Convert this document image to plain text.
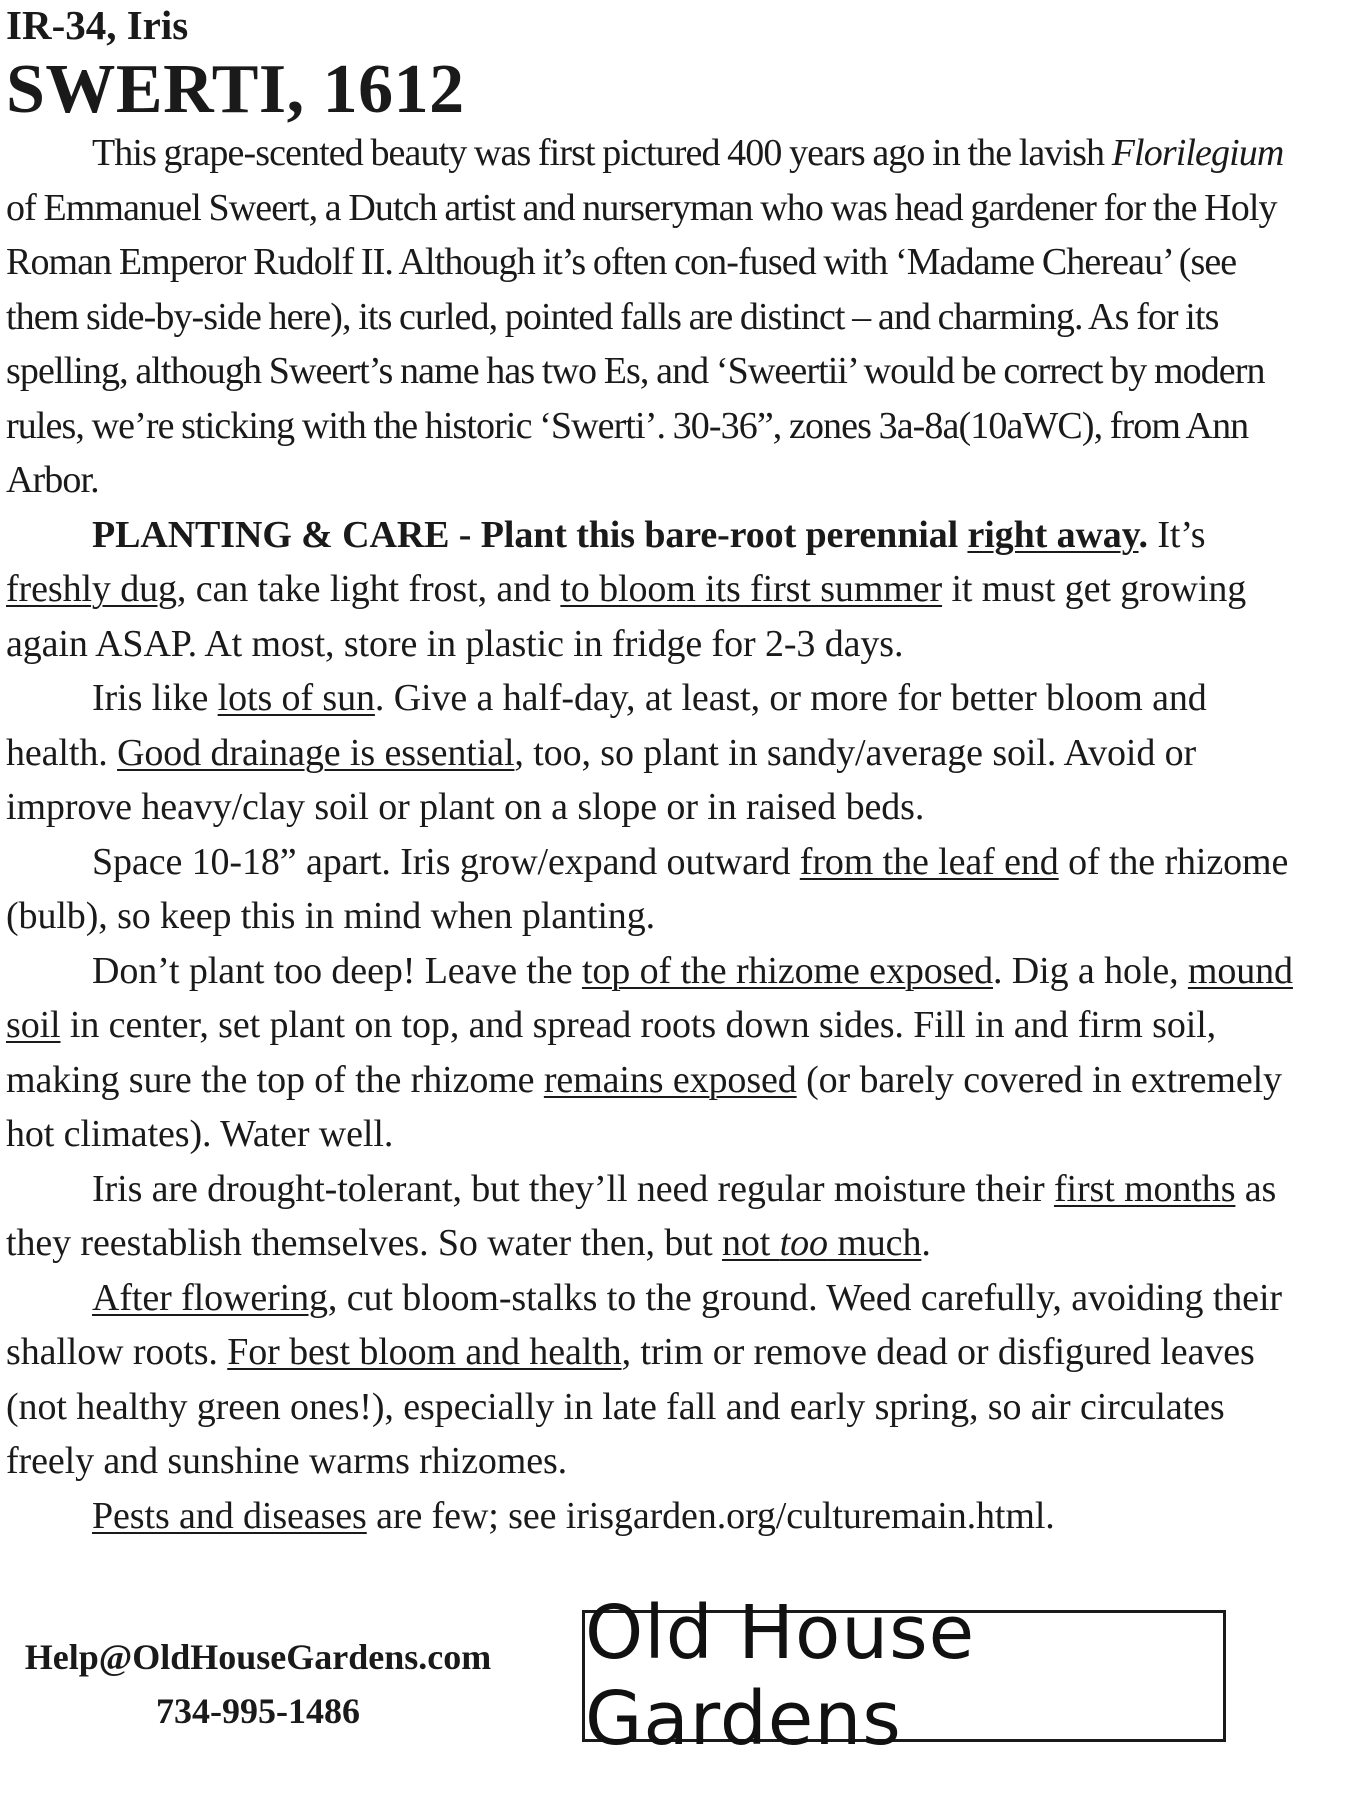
IR-34, Iris

SWERTI, 1612

This grape-scented beauty was first pictured 400 years ago in the lavish Florilegium of Emmanuel Sweert, a Dutch artist and nurseryman who was head gardener for the Holy Roman Emperor Rudolf II. Although it’s often con-fused with ‘Madame Chereau’ (see them side-by-side here), its curled, pointed falls are distinct – and charming. As for its spelling, although Sweert’s name has two Es, and ‘Sweertii’ would be correct by modern rules, we’re sticking with the historic ‘Swerti’. 30-36”, zones 3a-8a(10aWC), from Ann Arbor.

PLANTING & CARE - Plant this bare-root perennial right away. It’s freshly dug, can take light frost, and to bloom its first summer it must get growing again ASAP. At most, store in plastic in fridge for 2-3 days.

Iris like lots of sun. Give a half-day, at least, or more for better bloom and health. Good drainage is essential, too, so plant in sandy/average soil. Avoid or improve heavy/clay soil or plant on a slope or in raised beds.

Space 10-18” apart. Iris grow/expand outward from the leaf end of the rhizome (bulb), so keep this in mind when planting.

Don’t plant too deep! Leave the top of the rhizome exposed. Dig a hole, mound soil in center, set plant on top, and spread roots down sides. Fill in and firm soil, making sure the top of the rhizome remains exposed (or barely covered in extremely hot climates). Water well.

Iris are drought-tolerant, but they’ll need regular moisture their first months as they reestablish themselves. So water then, but not too much.

After flowering, cut bloom-stalks to the ground. Weed carefully, avoiding their shallow roots. For best bloom and health, trim or remove dead or disfigured leaves (not healthy green ones!), especially in late fall and early spring, so air circulates freely and sunshine warms rhizomes.

Pests and diseases are few; see irisgarden.org/culturemain.html.

Help@OldHouseGardens.com
734-995-1486
Old House Gardens
